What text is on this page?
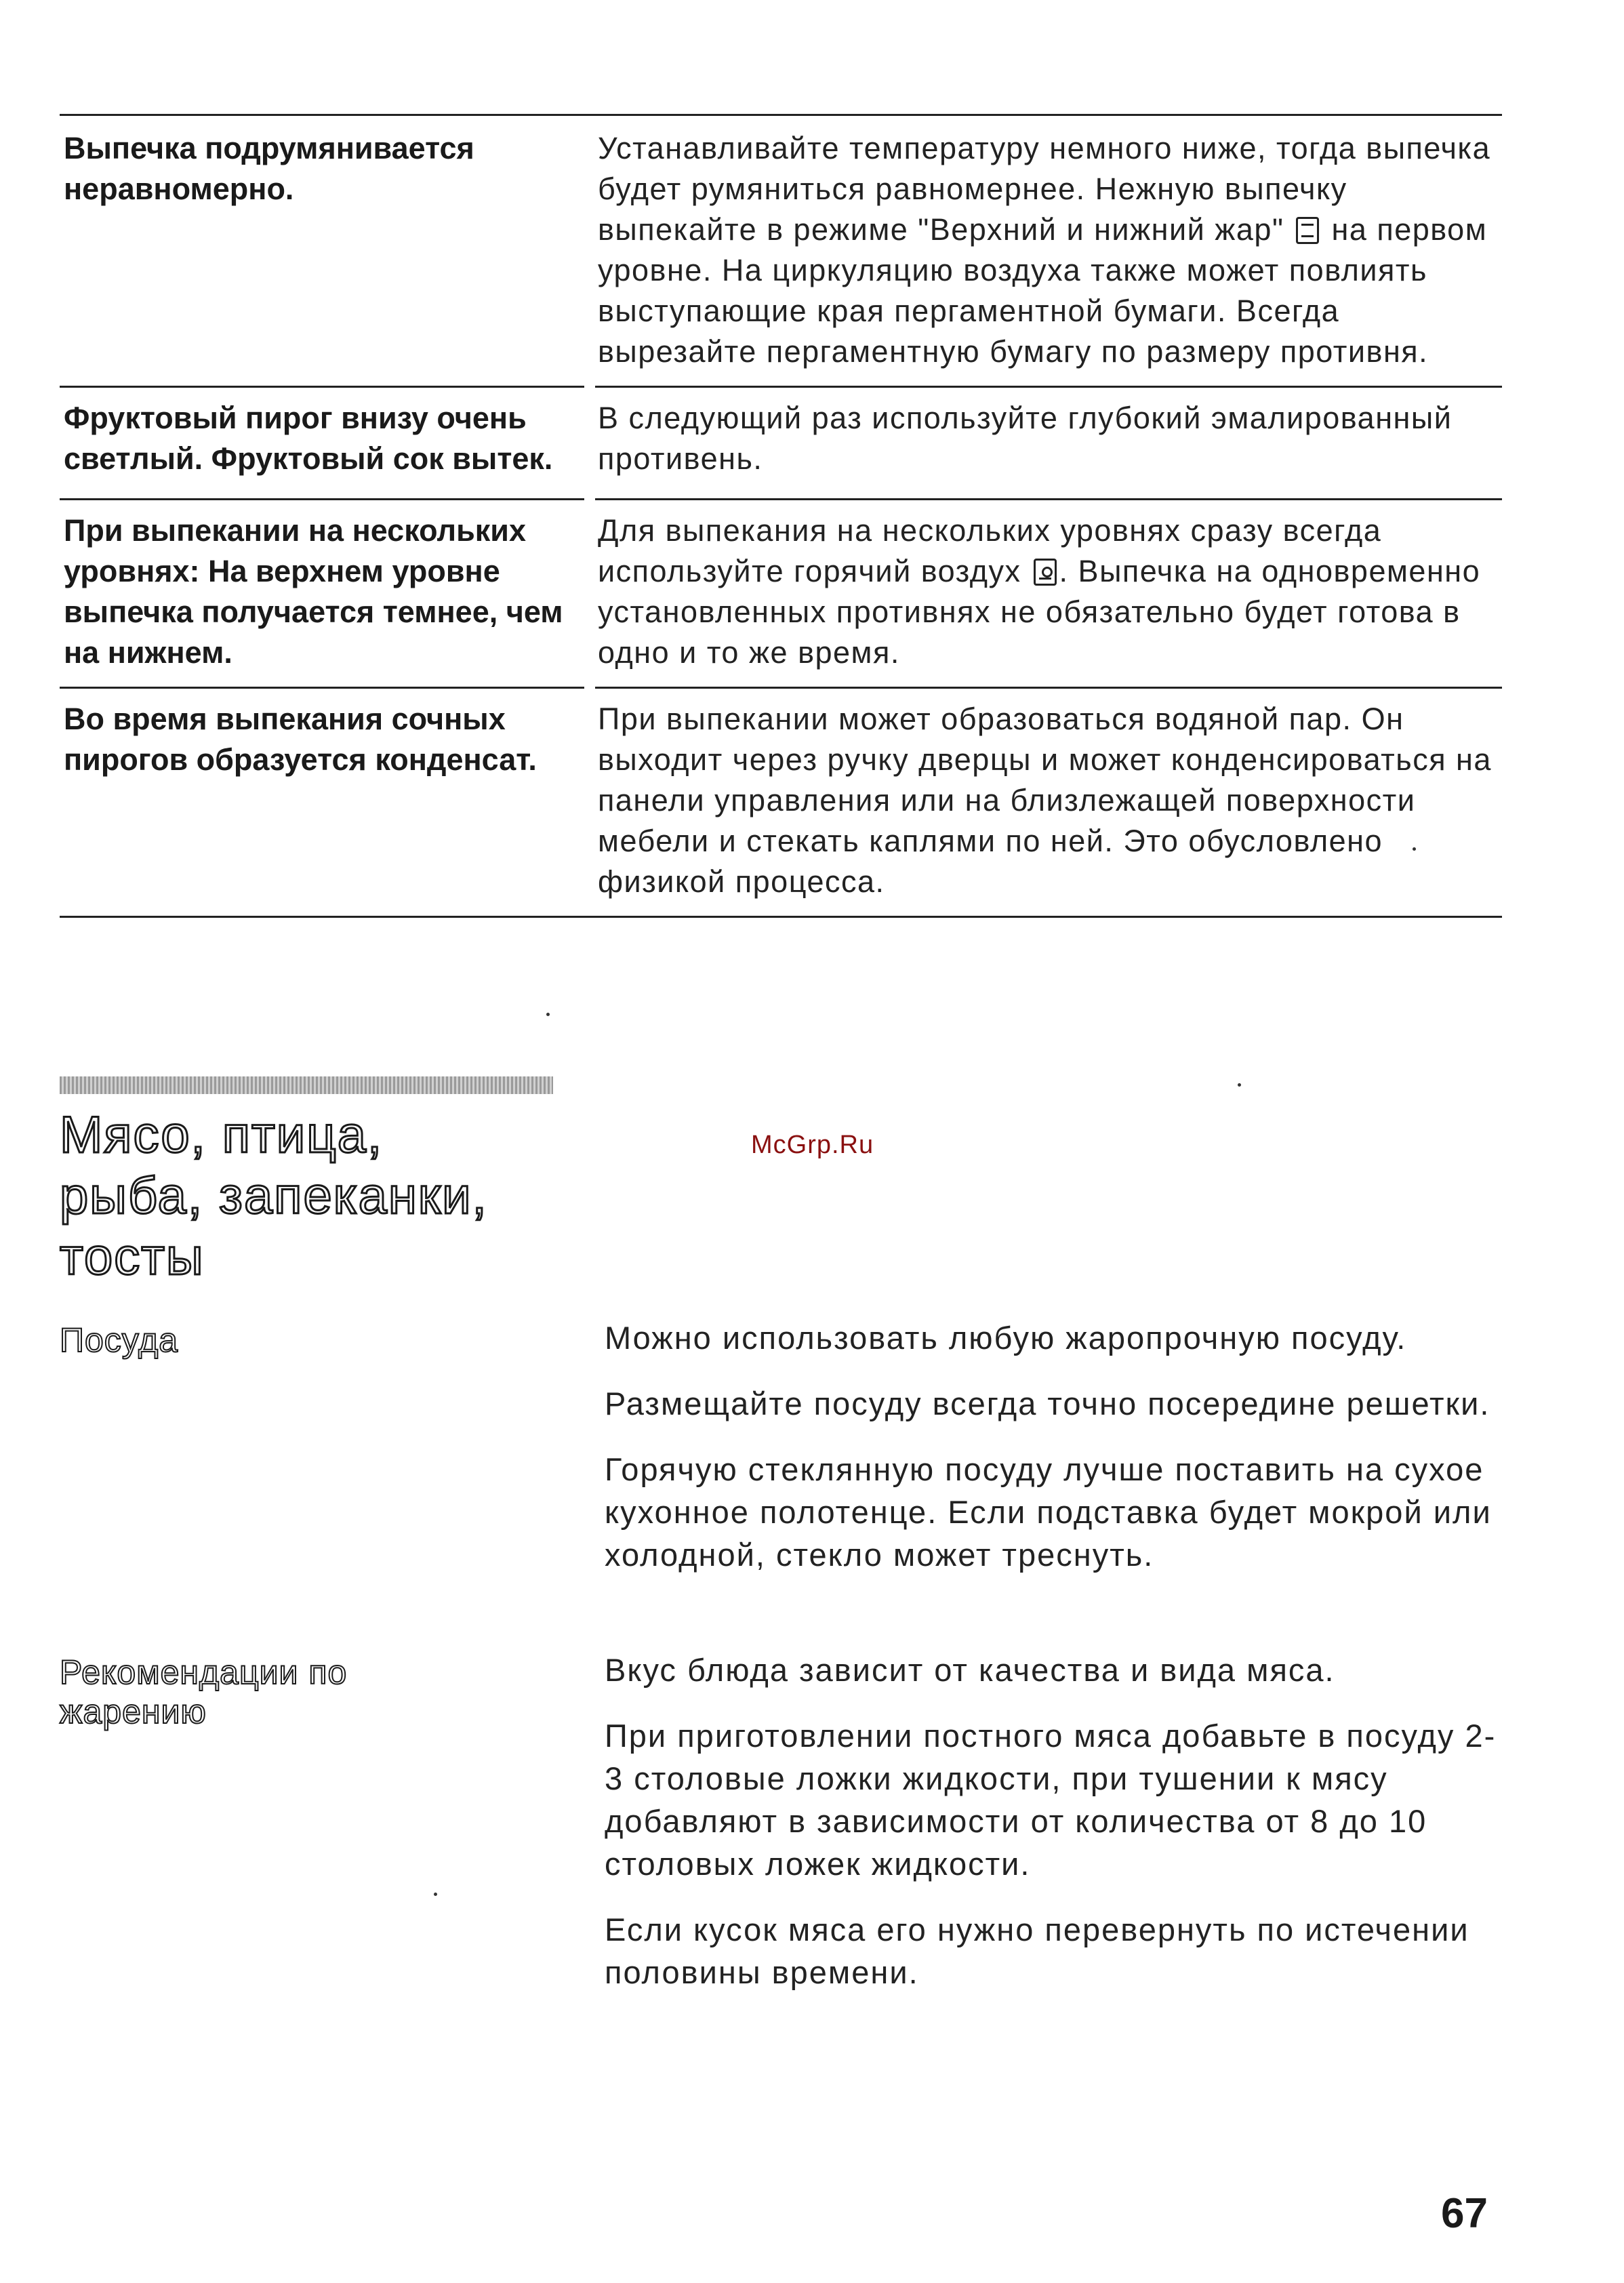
Выпечка подрумянивается неравномерно.
Устанавливайте температуру немного ниже, тогда выпечка будет румяниться равномернее. Нежную выпечку выпекайте в режиме "Верхний и нижний жар" на первом уровне. На циркуляцию воздуха также может повлиять выступающие края пергаментной бумаги. Всегда вырезайте пергаментную бумагу по размеру противня.
Фруктовый пирог внизу очень светлый. Фруктовый сок вытек.
В следующий раз используйте глубокий эмалированный противень.
При выпекании на нескольких уровнях: На верхнем уровне выпечка получается темнее, чем на нижнем.
Для выпекания на нескольких уровнях сразу всегда используйте горячий воздух . Выпечка на одновременно установленных противнях не обязательно будет готова в одно и то же время.
Во время выпекания сочных пирогов образуется конденсат.
При выпекании может образоваться водяной пар. Он выходит через ручку дверцы и может конденсироваться на панели управления или на близлежащей поверхности мебели и стекать каплями по ней. Это обусловлено физикой процесса.
Мясо, птица,
рыба, запеканки,
тосты
McGrp.Ru
Посуда	Можно использовать любую жаропрочную посуду.

Размещайте посуду всегда точно посередине решетки.

Горячую стеклянную посуду лучше поставить на сухое кухонное полотенце. Если подставка будет мокрой или холодной, стекло может треснуть.

Рекомендации по жарению

Вкус блюда зависит от качества и вида мяса.

При приготовлении постного мяса добавьте в посуду 2-3 столовые ложки жидкости, при тушении к мясу добавляют в зависимости от количества от 8 до 10 столовых ложек жидкости.

Если кусок мяса его нужно перевернуть по истечении половины времени.

67
